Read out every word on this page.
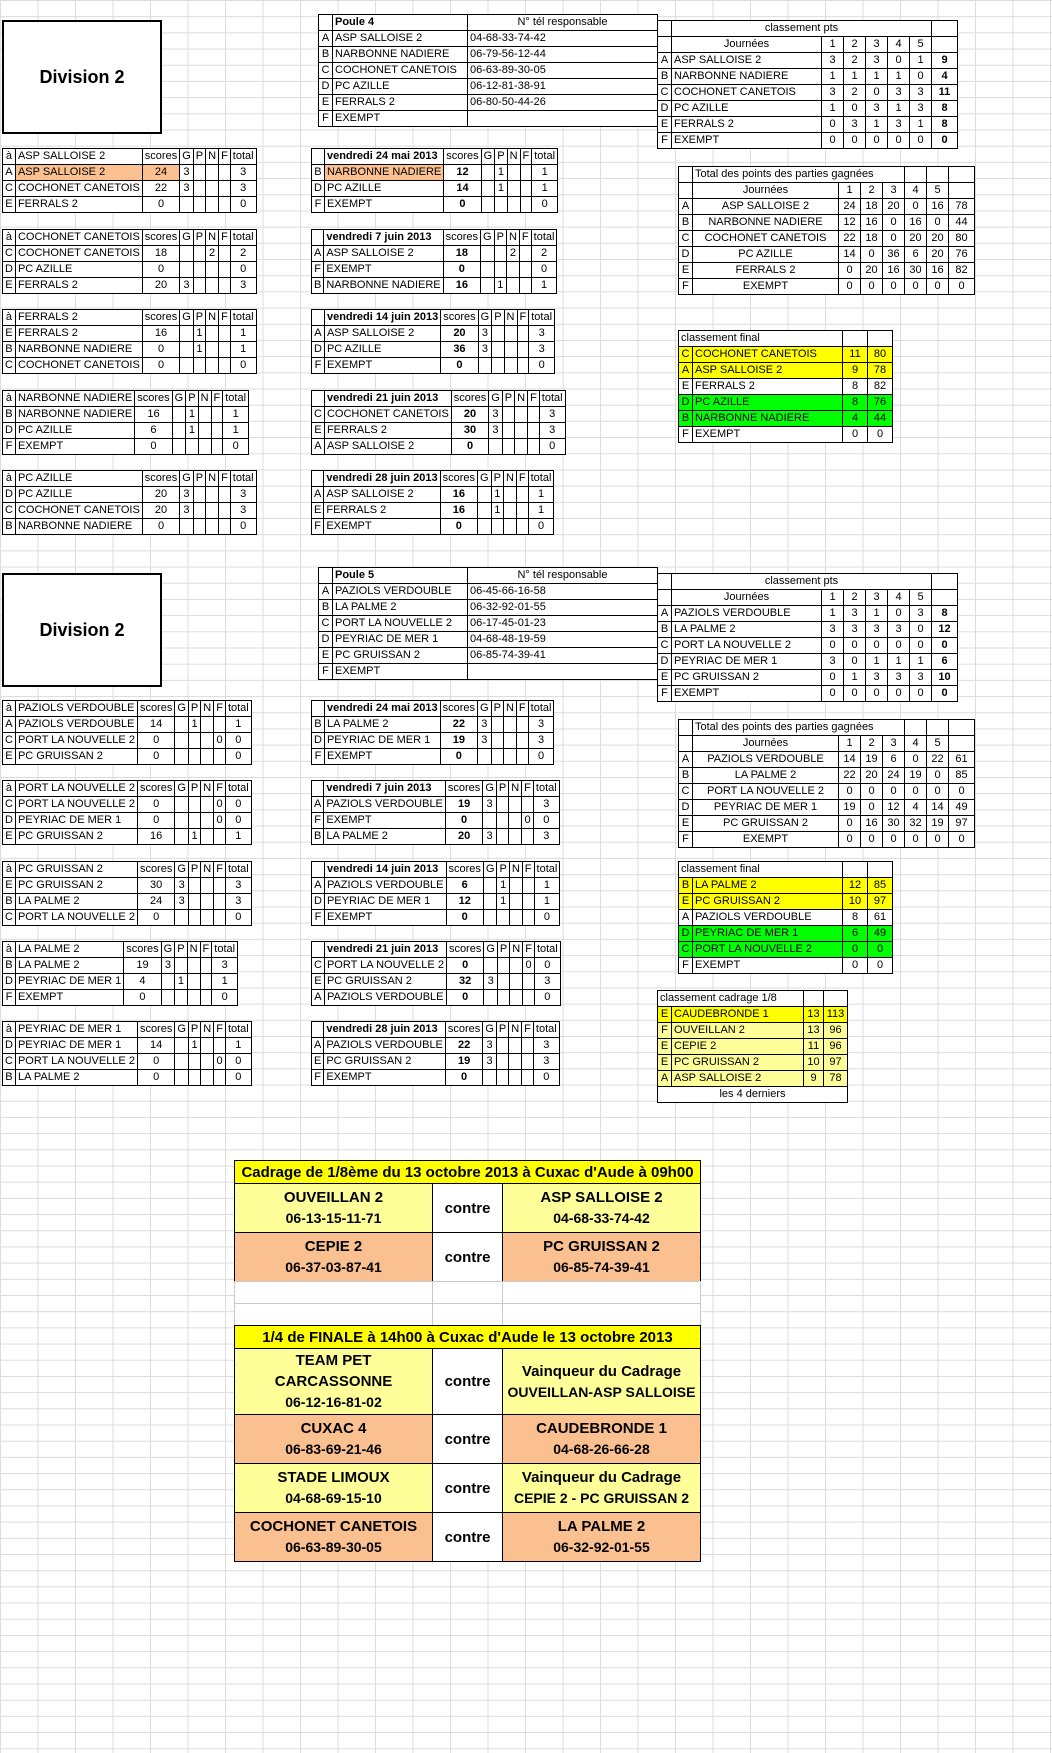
Division 2
	Poule 4	N° tél responsable
A	ASP SALLOISE 2	04-68-33-74-42
B	NARBONNE NADIERE	06-79-56-12-44
C	COCHONET CANETOIS	06-63-89-30-05
D	PC AZILLE	06-12-81-38-91
E	FERRALS 2	06-80-50-44-26
F	EXEMPT	
	classement pts						
	Journées	1	2	3	4	5	
A	ASP SALLOISE 2	3	2	3	0	1	9
B	NARBONNE NADIERE	1	1	1	1	0	4
C	COCHONET CANETOIS	3	2	0	3	3	11
D	PC AZILLE	1	0	3	1	3	8
E	FERRALS 2	0	3	1	3	1	8
F	EXEMPT	0	0	0	0	0	0
à	ASP SALLOISE 2	scores	G	P	N	F	total
A	ASP SALLOISE 2	24	3				3
C	COCHONET CANETOIS	22	3				3
E	FERRALS 2	0					0
	vendredi 24 mai 2013	scores	G	P	N	F	total
B	NARBONNE NADIERE	12		1			1
D	PC AZILLE	14		1			1
F	EXEMPT	0					0
à	COCHONET CANETOIS	scores	G	P	N	F	total
C	COCHONET CANETOIS	18			2		2
D	PC AZILLE	0					0
E	FERRALS 2	20	3				3
	vendredi 7 juin 2013	scores	G	P	N	F	total
A	ASP SALLOISE 2	18			2		2
F	EXEMPT	0					0
B	NARBONNE NADIERE	16		1			1
à	FERRALS 2	scores	G	P	N	F	total
E	FERRALS 2	16		1			1
B	NARBONNE NADIERE	0		1			1
C	COCHONET CANETOIS	0					0
	vendredi 14 juin 2013	scores	G	P	N	F	total
A	ASP SALLOISE 2	20	3				3
D	PC AZILLE	36	3				3
F	EXEMPT	0					0
à	NARBONNE NADIERE	scores	G	P	N	F	total
B	NARBONNE NADIERE	16		1			1
D	PC AZILLE	6		1			1
F	EXEMPT	0					0
	vendredi 21 juin 2013	scores	G	P	N	F	total
C	COCHONET CANETOIS	20	3				3
E	FERRALS 2	30	3				3
A	ASP SALLOISE 2	0					0
à	PC AZILLE	scores	G	P	N	F	total
D	PC AZILLE	20	3				3
C	COCHONET CANETOIS	20	3				3
B	NARBONNE NADIERE	0					0
	vendredi 28 juin 2013	scores	G	P	N	F	total
A	ASP SALLOISE 2	16		1			1
E	FERRALS 2	16		1			1
F	EXEMPT	0					0
	Total des points des parties gagnées						
	Journées	1	2	3	4	5	
A	ASP SALLOISE 2	24	18	20	0	16	78
B	NARBONNE NADIERE	12	16	0	16	0	44
C	COCHONET CANETOIS	22	18	0	20	20	80
D	PC AZILLE	14	0	36	6	20	76
E	FERRALS 2	0	20	16	30	16	82
F	EXEMPT	0	0	0	0	0	0
classement final			
C	COCHONET CANETOIS	11	80
A	ASP SALLOISE 2	9	78
E	FERRALS 2	8	82
D	PC AZILLE	8	76
B	NARBONNE NADIERE	4	44
F	EXEMPT	0	0
Division 2
	Poule 5	N° tél responsable
A	PAZIOLS VERDOUBLE	06-45-66-16-58
B	LA PALME 2	06-32-92-01-55
C	PORT LA NOUVELLE 2	06-17-45-01-23
D	PEYRIAC DE MER 1	04-68-48-19-59
E	PC GRUISSAN 2	06-85-74-39-41
F	EXEMPT	
	classement pts						
	Journées	1	2	3	4	5	
A	PAZIOLS VERDOUBLE	1	3	1	0	3	8
B	LA PALME 2	3	3	3	3	0	12
C	PORT LA NOUVELLE 2	0	0	0	0	0	0
D	PEYRIAC DE MER 1	3	0	1	1	1	6
E	PC GRUISSAN 2	0	1	3	3	3	10
F	EXEMPT	0	0	0	0	0	0
à	PAZIOLS VERDOUBLE	scores	G	P	N	F	total
A	PAZIOLS VERDOUBLE	14		1			1
C	PORT LA NOUVELLE 2	0				0	0
E	PC GRUISSAN 2	0					0
	vendredi 24 mai 2013	scores	G	P	N	F	total
B	LA PALME 2	22	3				3
D	PEYRIAC DE MER 1	19	3				3
F	EXEMPT	0					0
à	PORT LA NOUVELLE 2	scores	G	P	N	F	total
C	PORT LA NOUVELLE 2	0				0	0
D	PEYRIAC DE MER 1	0				0	0
E	PC GRUISSAN 2	16		1			1
	vendredi 7 juin 2013	scores	G	P	N	F	total
A	PAZIOLS VERDOUBLE	19	3				3
F	EXEMPT	0				0	0
B	LA PALME 2	20	3				3
à	PC GRUISSAN 2	scores	G	P	N	F	total
E	PC GRUISSAN 2	30	3				3
B	LA PALME 2	24	3				3
C	PORT LA NOUVELLE 2	0					0
	vendredi 14 juin 2013	scores	G	P	N	F	total
A	PAZIOLS VERDOUBLE	6		1			1
D	PEYRIAC DE MER 1	12		1			1
F	EXEMPT	0					0
à	LA PALME 2	scores	G	P	N	F	total
B	LA PALME 2	19	3				3
D	PEYRIAC DE MER 1	4		1			1
F	EXEMPT	0					0
	vendredi 21 juin 2013	scores	G	P	N	F	total
C	PORT LA NOUVELLE 2	0				0	0
E	PC GRUISSAN 2	32	3				3
A	PAZIOLS VERDOUBLE	0					0
à	PEYRIAC DE MER 1	scores	G	P	N	F	total
D	PEYRIAC DE MER 1	14		1			1
C	PORT LA NOUVELLE 2	0				0	0
B	LA PALME 2	0					0
	vendredi 28 juin 2013	scores	G	P	N	F	total
A	PAZIOLS VERDOUBLE	22	3				3
E	PC GRUISSAN 2	19	3				3
F	EXEMPT	0					0
	Total des points des parties gagnées						
	Journées	1	2	3	4	5	
A	PAZIOLS VERDOUBLE	14	19	6	0	22	61
B	LA PALME 2	22	20	24	19	0	85
C	PORT LA NOUVELLE 2	0	0	0	0	0	0
D	PEYRIAC DE MER 1	19	0	12	4	14	49
E	PC GRUISSAN 2	0	16	30	32	19	97
F	EXEMPT	0	0	0	0	0	0
classement final			
B	LA PALME 2	12	85
E	PC GRUISSAN 2	10	97
A	PAZIOLS VERDOUBLE	8	61
D	PEYRIAC DE MER 1	6	49
C	PORT LA NOUVELLE 2	0	0
F	EXEMPT	0	0
classement cadrage 1/8			
E	CAUDEBRONDE 1	13	113
F	OUVEILLAN 2	13	96
E	CEPIE 2	11	96
E	PC GRUISSAN 2	10	97
A	ASP SALLOISE 2	9	78
les 4 derniers			
Cadrage de 1/8ème du 13 octobre 2013 à Cuxac d'Aude à 09h00		

OUVEILLAN 2
06-13-15-11-71
	contre	
ASP SALLOISE 2
04-68-33-74-42

CEPIE 2
06-37-03-87-41
	contre	
PC GRUISSAN 2
06-85-74-39-41

1/4 de FINALE à 14h00 à Cuxac d'Aude le 13 octobre 2013		

TEAM PET CARCASSONNE
06-12-16-81-02
	contre	
Vainqueur du Cadrage
OUVEILLAN-ASP SALLOISE

CUXAC 4
06-83-69-21-46
	contre	
CAUDEBRONDE 1
04-68-26-66-28

STADE LIMOUX
04-68-69-15-10
	contre	
Vainqueur du Cadrage
CEPIE 2 - PC GRUISSAN 2

COCHONET CANETOIS
06-63-89-30-05
	contre	
LA PALME 2
06-32-92-01-55
